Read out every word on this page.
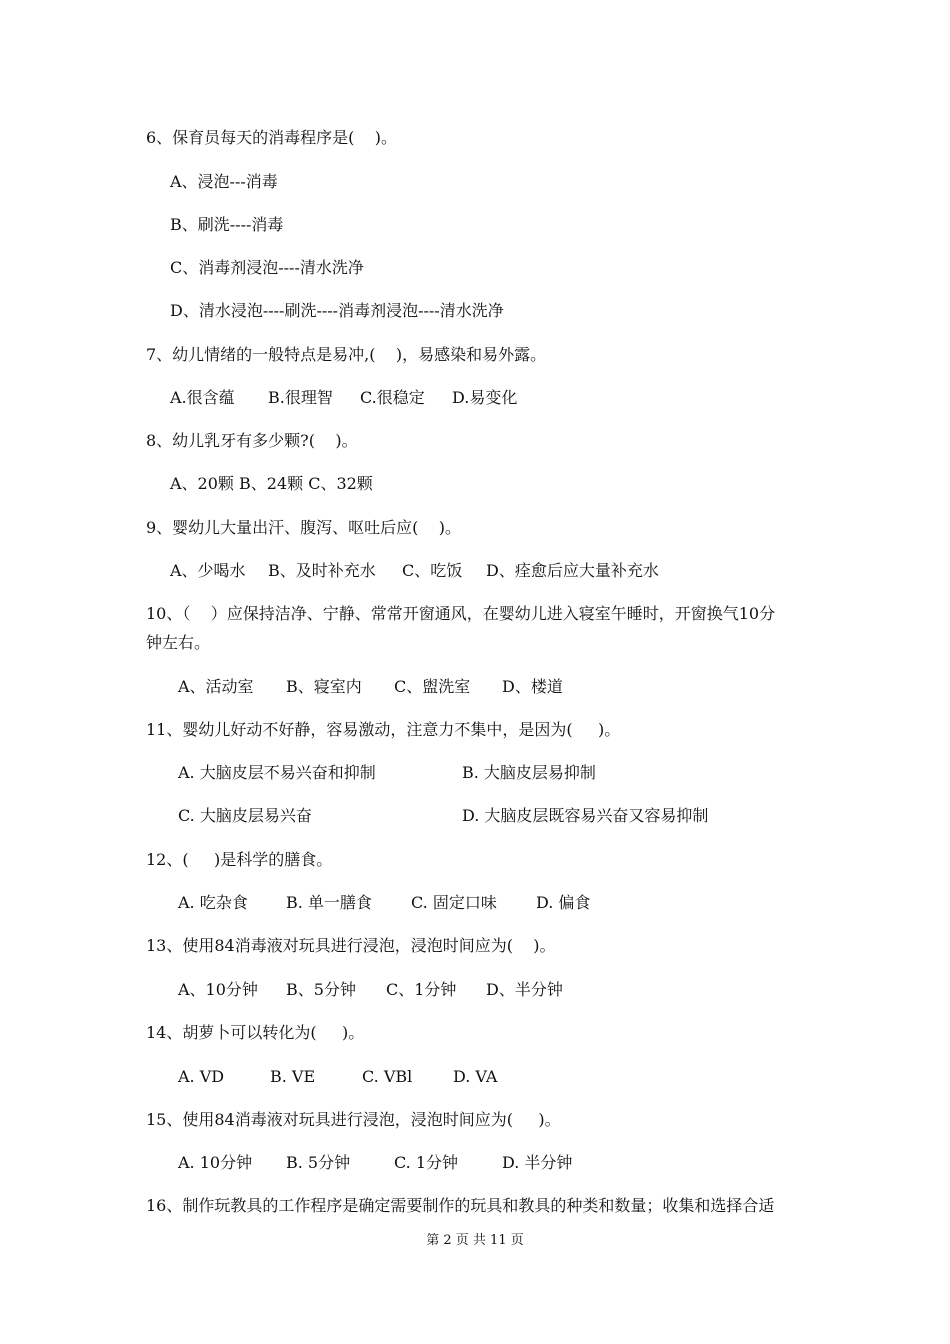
6、保育员每天的消毒程序是(    )。
A、浸泡---消毒
B、刷洗----消毒
C、消毒剂浸泡----清水洗净
D、清水浸泡----刷洗----消毒剂浸泡----清水洗净
7、幼儿情绪的一般特点是易冲,(    )，易感染和易外露。
A.很含蕴 B.很理智 C.很稳定 D.易变化
8、幼儿乳牙有多少颗?(    )。
A、20颗 B、24颗 C、32颗
9、婴幼儿大量出汗、腹泻、呕吐后应(    )。
A、少喝水 B、及时补充水 C、吃饭 D、痊愈后应大量补充水
10、（    ）应保持洁净、宁静、常常开窗通风，在婴幼儿进入寝室午睡时，开窗换气10分
钟左右。
A、活动室 B、寝室内 C、盥洗室 D、楼道
11、婴幼儿好动不好静，容易激动，注意力不集中，是因为(     )。
A. 大脑皮层不易兴奋和抑制	B. 大脑皮层易抑制
C. 大脑皮层易兴奋	D. 大脑皮层既容易兴奋又容易抑制
12、(     )是科学的膳食。
A. 吃杂食 B. 单一膳食 C. 固定口味 D. 偏食
13、使用84消毒液对玩具进行浸泡，浸泡时间应为(    )。
A、10分钟 B、5分钟 C、1分钟 D、半分钟
14、胡萝卜可以转化为(     )。
A. VD	B. VE	C. VBl	D. VA
15、使用84消毒液对玩具进行浸泡，浸泡时间应为(     )。
A. 10分钟 B. 5分钟	C. 1分钟	D. 半分钟
16、制作玩教具的工作程序是确定需要制作的玩具和教具的种类和数量；收集和选择合适
第 2 页 共 11 页
